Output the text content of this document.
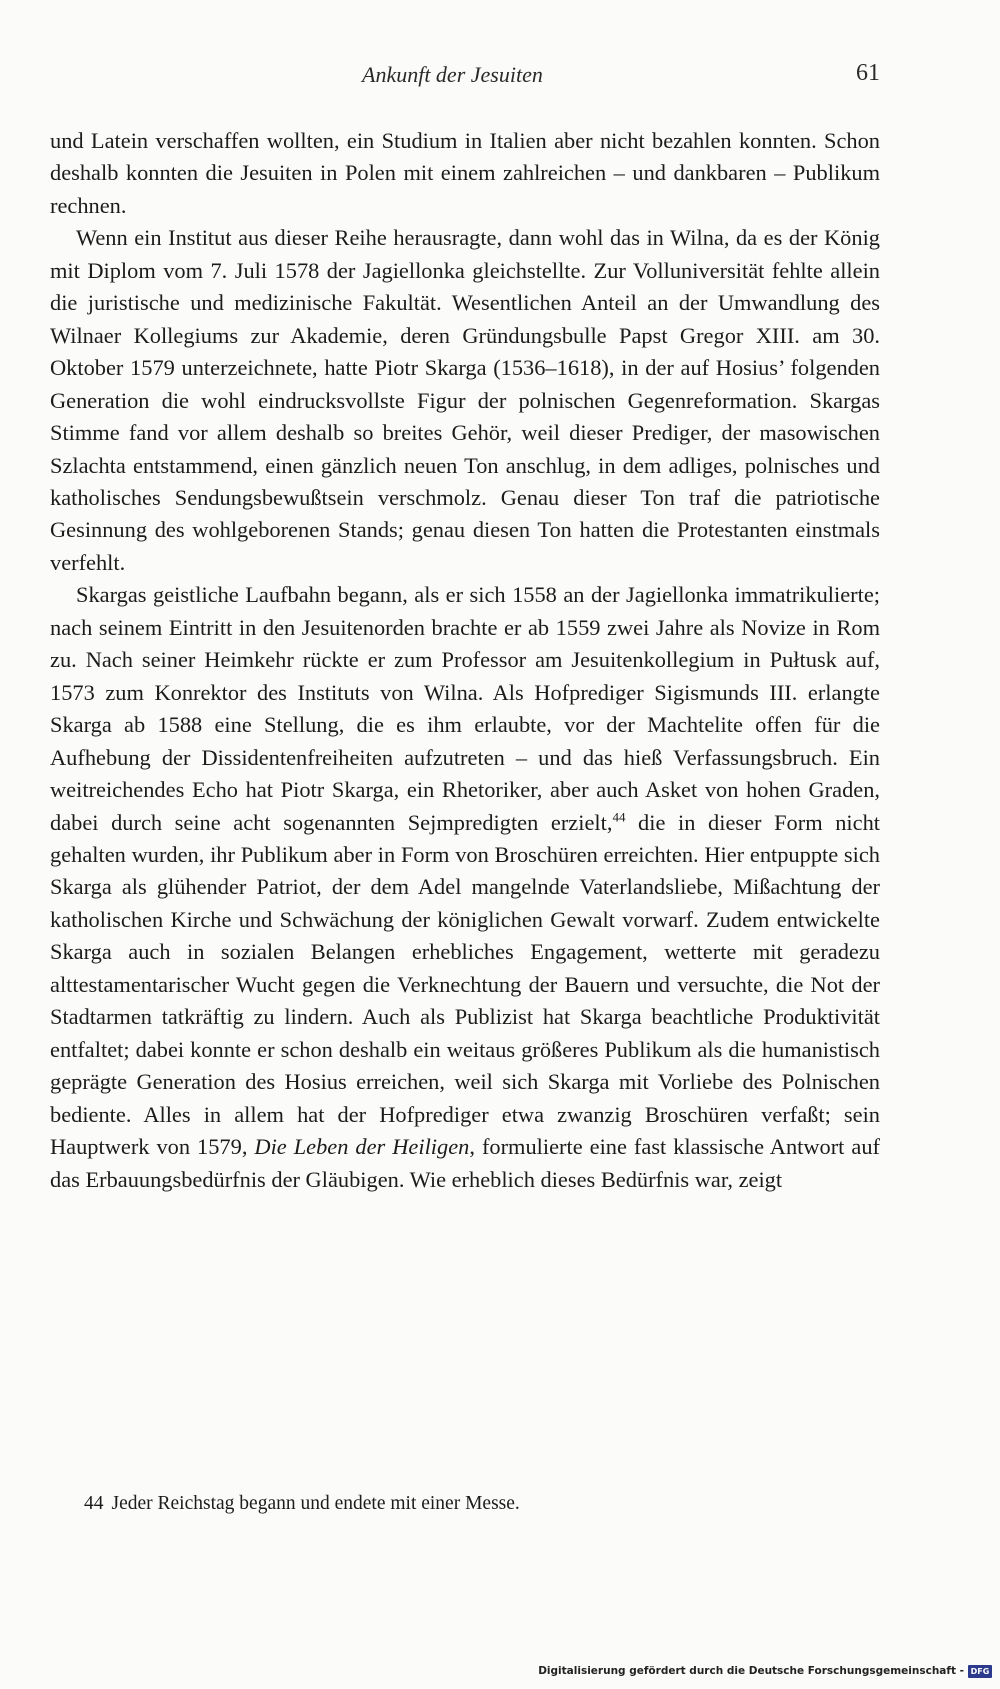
Ankunft der Jesuiten	61

und Latein verschaffen wollten, ein Studium in Italien aber nicht bezahlen konnten. Schon deshalb konnten die Jesuiten in Polen mit einem zahlreichen – und dankbaren – Publikum rechnen.

Wenn ein Institut aus dieser Reihe herausragte, dann wohl das in Wilna, da es der König mit Diplom vom 7. Juli 1578 der Jagiellonka gleichstellte. Zur Volluniversität fehlte allein die juristische und medizinische Fakultät. Wesentlichen Anteil an der Umwandlung des Wilnaer Kollegiums zur Akademie, deren Gründungsbulle Papst Gregor XIII. am 30. Oktober 1579 unterzeichnete, hatte Piotr Skarga (1536–1618), in der auf Hosius’ folgenden Generation die wohl eindrucksvollste Figur der polnischen Gegenreformation. Skargas Stimme fand vor allem deshalb so breites Gehör, weil dieser Prediger, der masowischen Szlachta entstammend, einen gänzlich neuen Ton anschlug, in dem adliges, polnisches und katholisches Sendungsbewußtsein verschmolz. Genau dieser Ton traf die patriotische Gesinnung des wohlgeborenen Stands; genau diesen Ton hatten die Protestanten einstmals verfehlt.

Skargas geistliche Laufbahn begann, als er sich 1558 an der Jagiellonka immatrikulierte; nach seinem Eintritt in den Jesuitenorden brachte er ab 1559 zwei Jahre als Novize in Rom zu. Nach seiner Heimkehr rückte er zum Professor am Jesuitenkollegium in Pułtusk auf, 1573 zum Konrektor des Instituts von Wilna. Als Hofprediger Sigismunds III. erlangte Skarga ab 1588 eine Stellung, die es ihm erlaubte, vor der Machtelite offen für die Aufhebung der Dissidentenfreiheiten aufzutreten – und das hieß Verfassungsbruch. Ein weitreichendes Echo hat Piotr Skarga, ein Rhetoriker, aber auch Asket von hohen Graden, dabei durch seine acht sogenannten Sejmpredigten erzielt,$^{44}$ die in dieser Form nicht gehalten wurden, ihr Publikum aber in Form von Broschüren erreichten. Hier entpuppte sich Skarga als glühender Patriot, der dem Adel mangelnde Vaterlandsliebe, Mißachtung der katholischen Kirche und Schwächung der königlichen Gewalt vorwarf. Zudem entwickelte Skarga auch in sozialen Belangen erhebliches Engagement, wetterte mit geradezu alttestamentarischer Wucht gegen die Verknechtung der Bauern und versuchte, die Not der Stadtarmen tatkräftig zu lindern. Auch als Publizist hat Skarga beachtliche Produktivität entfaltet; dabei konnte er schon deshalb ein weitaus größeres Publikum als die humanistisch geprägte Generation des Hosius erreichen, weil sich Skarga mit Vorliebe des Polnischen bediente. Alles in allem hat der Hofprediger etwa zwanzig Broschüren verfaßt; sein Hauptwerk von 1579, Die Leben der Heiligen, formulierte eine fast klassische Antwort auf das Erbauungsbedürfnis der Gläubigen. Wie erheblich dieses Bedürfnis war, zeigt

44 Jeder Reichstag begann und endete mit einer Messe.
Digitalisierung gefördert durch die Deutsche Forschungsgemeinschaft - DFG
